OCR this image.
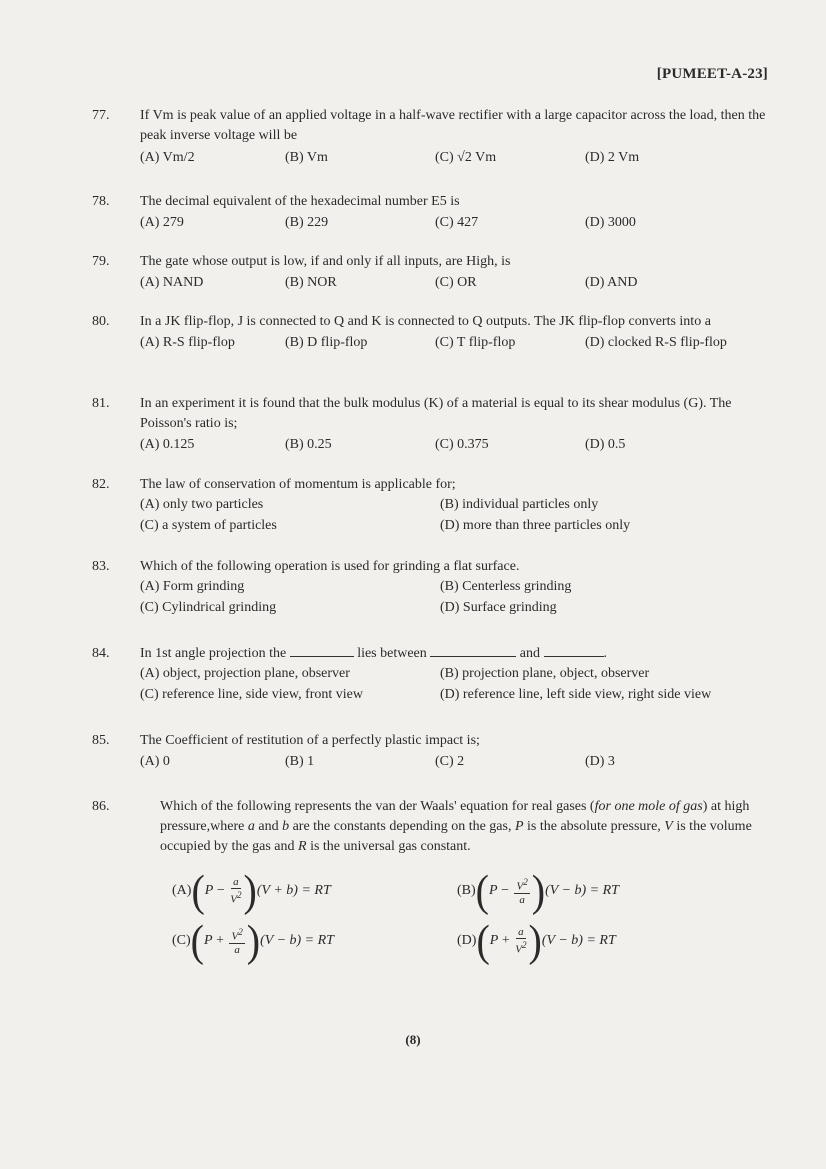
[PUMEET-A-23]
77.	If Vm is peak value of an applied voltage in a half-wave rectifier with a large capacitor across the load, then the peak inverse voltage will be
(A) Vm/2	(B) Vm	(C) √2 Vm	(D) 2 Vm
78.	The decimal equivalent of the hexadecimal number E5 is
(A) 279	(B) 229	(C) 427	(D) 3000
79.	The gate whose output is low, if and only if all inputs, are High, is
(A) NAND	(B) NOR	(C) OR	(D) AND
80.	In a JK flip-flop, J is connected to Q and K is connected to Q outputs. The JK flip-flop converts into a
(A) R-S flip-flop	(B) D flip-flop	(C) T flip-flop	(D) clocked R-S flip-flop
81.	In an experiment it is found that the bulk modulus (K) of a material is equal to its shear modulus (G). The Poisson's ratio is;
(A) 0.125	(B) 0.25	(C) 0.375	(D) 0.5
82.	The law of conservation of momentum is applicable for;
(A) only two particles	(B) individual particles only
(C) a system of particles	(D) more than three particles only
83.	Which of the following operation is used for grinding a flat surface.
(A) Form grinding	(B) Centerless grinding
(C) Cylindrical grinding	(D) Surface grinding
84.	In 1st angle projection the	lies between	and	.
(A) object, projection plane, observer	(B) projection plane, object, observer
(C) reference line, side view, front view	(D) reference line, left side view, right side view
85.	The Coefficient of restitution of a perfectly plastic impact is;
(A) 0	(B) 1	(C) 2	(D) 3
86.	Which of the following represents the van der Waals' equation for real gases (for one mole of gas) at high pressure,where a and b are the constants depending on the gas, P is the absolute pressure, V is the volume occupied by the gas and R is the universal gas constant.
(A) ( $P - \frac{a}{V^2}$ ) (V + b) = RT	(B) ( $P - \frac{V^2}{a}$ ) (V − b) = RT
(C) ( $P + \frac{V^2}{a}$ ) (V − b) = RT	(D) ( $P + \frac{a}{V^2}$ ) (V − b) = RT
(8)
